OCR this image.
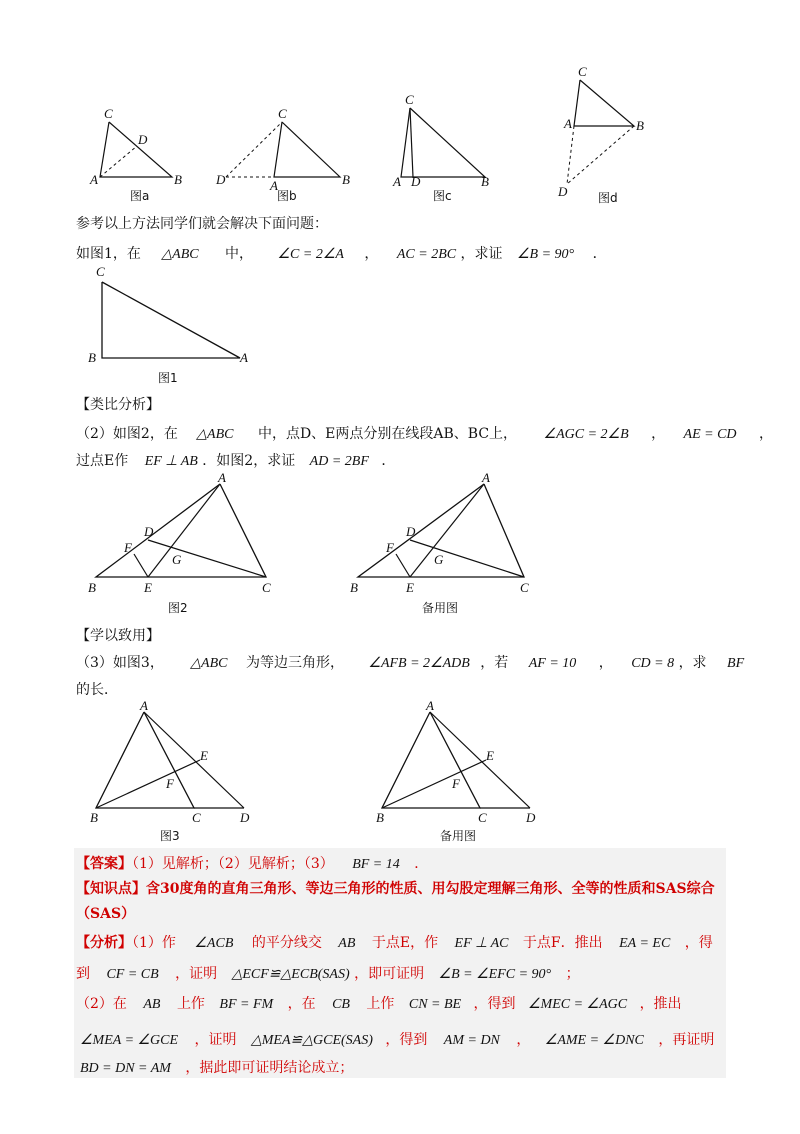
C
D
A	B
图a
C
D	A	B
图b
C
A D	B
图c
C
A	B
D	图d
参考以上方法同学们就会解决下面问题：
如图1，在 △ABC 中， ∠C = 2∠A ， AC = 2BC ，求证 ∠B = 90° ．
C
B	A
图1
【类比分析】
（2）如图2，在 △ABC 中，点D、E两点分别在线段AB、BC上， ∠AGC = 2∠B ， AE = CD ，
过点E作 EF ⊥ AB ．如图2，求证 AD = 2BF ．
A
D
F
G
B	E	C
图2
A
D
F
G
B	E	C
备用图
【学以致用】
（3）如图3， △ABC 为等边三角形， ∠AFB = 2∠ADB ，若 AF = 10 ， CD = 8 ，求 BF
的长．
A
E
F
B	C	D
图3
A
E
F
B	C	D
备用图
【答案】（1）见解析；（2）见解析；（3） BF = 14 ．
【知识点】含30度角的直角三角形、等边三角形的性质、用勾股定理解三角形、全等的性质和SAS综合
（SAS）
【分析】（1）作 ∠ACB 的平分线交 AB 于点E，作 EF ⊥ AC 于点F．推出 EA = EC ，得
到 CF = CB ，证明 △ECF≌△ECB(SAS) ，即可证明 ∠B = ∠EFC = 90° ；
（2）在 AB 上作 BF = FM ，在 CB 上作 CN = BE ，得到 ∠MEC = ∠AGC ，推出
∠MEA = ∠GCE ，证明 △MEA≌△GCE(SAS) ，得到 AM = DN ， ∠AME = ∠DNC ，再证明
BD = DN = AM ，据此即可证明结论成立；
